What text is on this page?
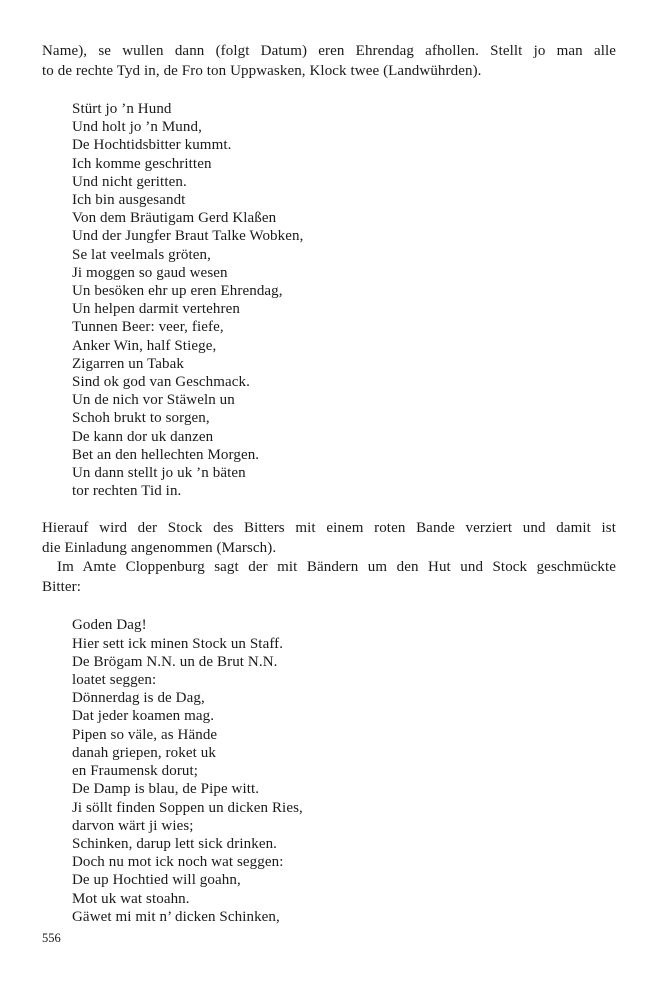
Name), se wullen dann (folgt Datum) eren Ehrendag afhollen. Stellt jo man alle
to de rechte Tyd in, de Fro ton Uppwasken, Klock twee (Landwührden).
Stürt jo ’n Hund
Und holt jo ’n Mund,
De Hochtidsbitter kummt.
Ich komme geschritten
Und nicht geritten.
Ich bin ausgesandt
Von dem Bräutigam Gerd Klaßen
Und der Jungfer Braut Talke Wobken,
Se lat veelmals gröten,
Ji moggen so gaud wesen
Un besöken ehr up eren Ehrendag,
Un helpen darmit vertehren
Tunnen Beer: veer, fiefe,
Anker Win, half Stiege,
Zigarren un Tabak
Sind ok god van Geschmack.
Un de nich vor Stäweln un
Schoh brukt to sorgen,
De kann dor uk danzen
Bet an den hellechten Morgen.
Un dann stellt jo uk ’n bäten
tor rechten Tid in.
Hierauf wird der Stock des Bitters mit einem roten Bande verziert und damit ist
die Einladung angenommen (Marsch).
Im Amte Cloppenburg sagt der mit Bändern um den Hut und Stock geschmückte
Bitter:
Goden Dag!
Hier sett ick minen Stock un Staff.
De Brögam N.N. un de Brut N.N.
loatet seggen:
Dönnerdag is de Dag,
Dat jeder koamen mag.
Pipen so väle, as Hände
danah griepen, roket uk
en Fraumensk dorut;
De Damp is blau, de Pipe witt.
Ji söllt finden Soppen un dicken Ries,
darvon wärt ji wies;
Schinken, darup lett sick drinken.
Doch nu mot ick noch wat seggen:
De up Hochtied will goahn,
Mot uk wat stoahn.
Gäwet mi mit n’ dicken Schinken,
556
